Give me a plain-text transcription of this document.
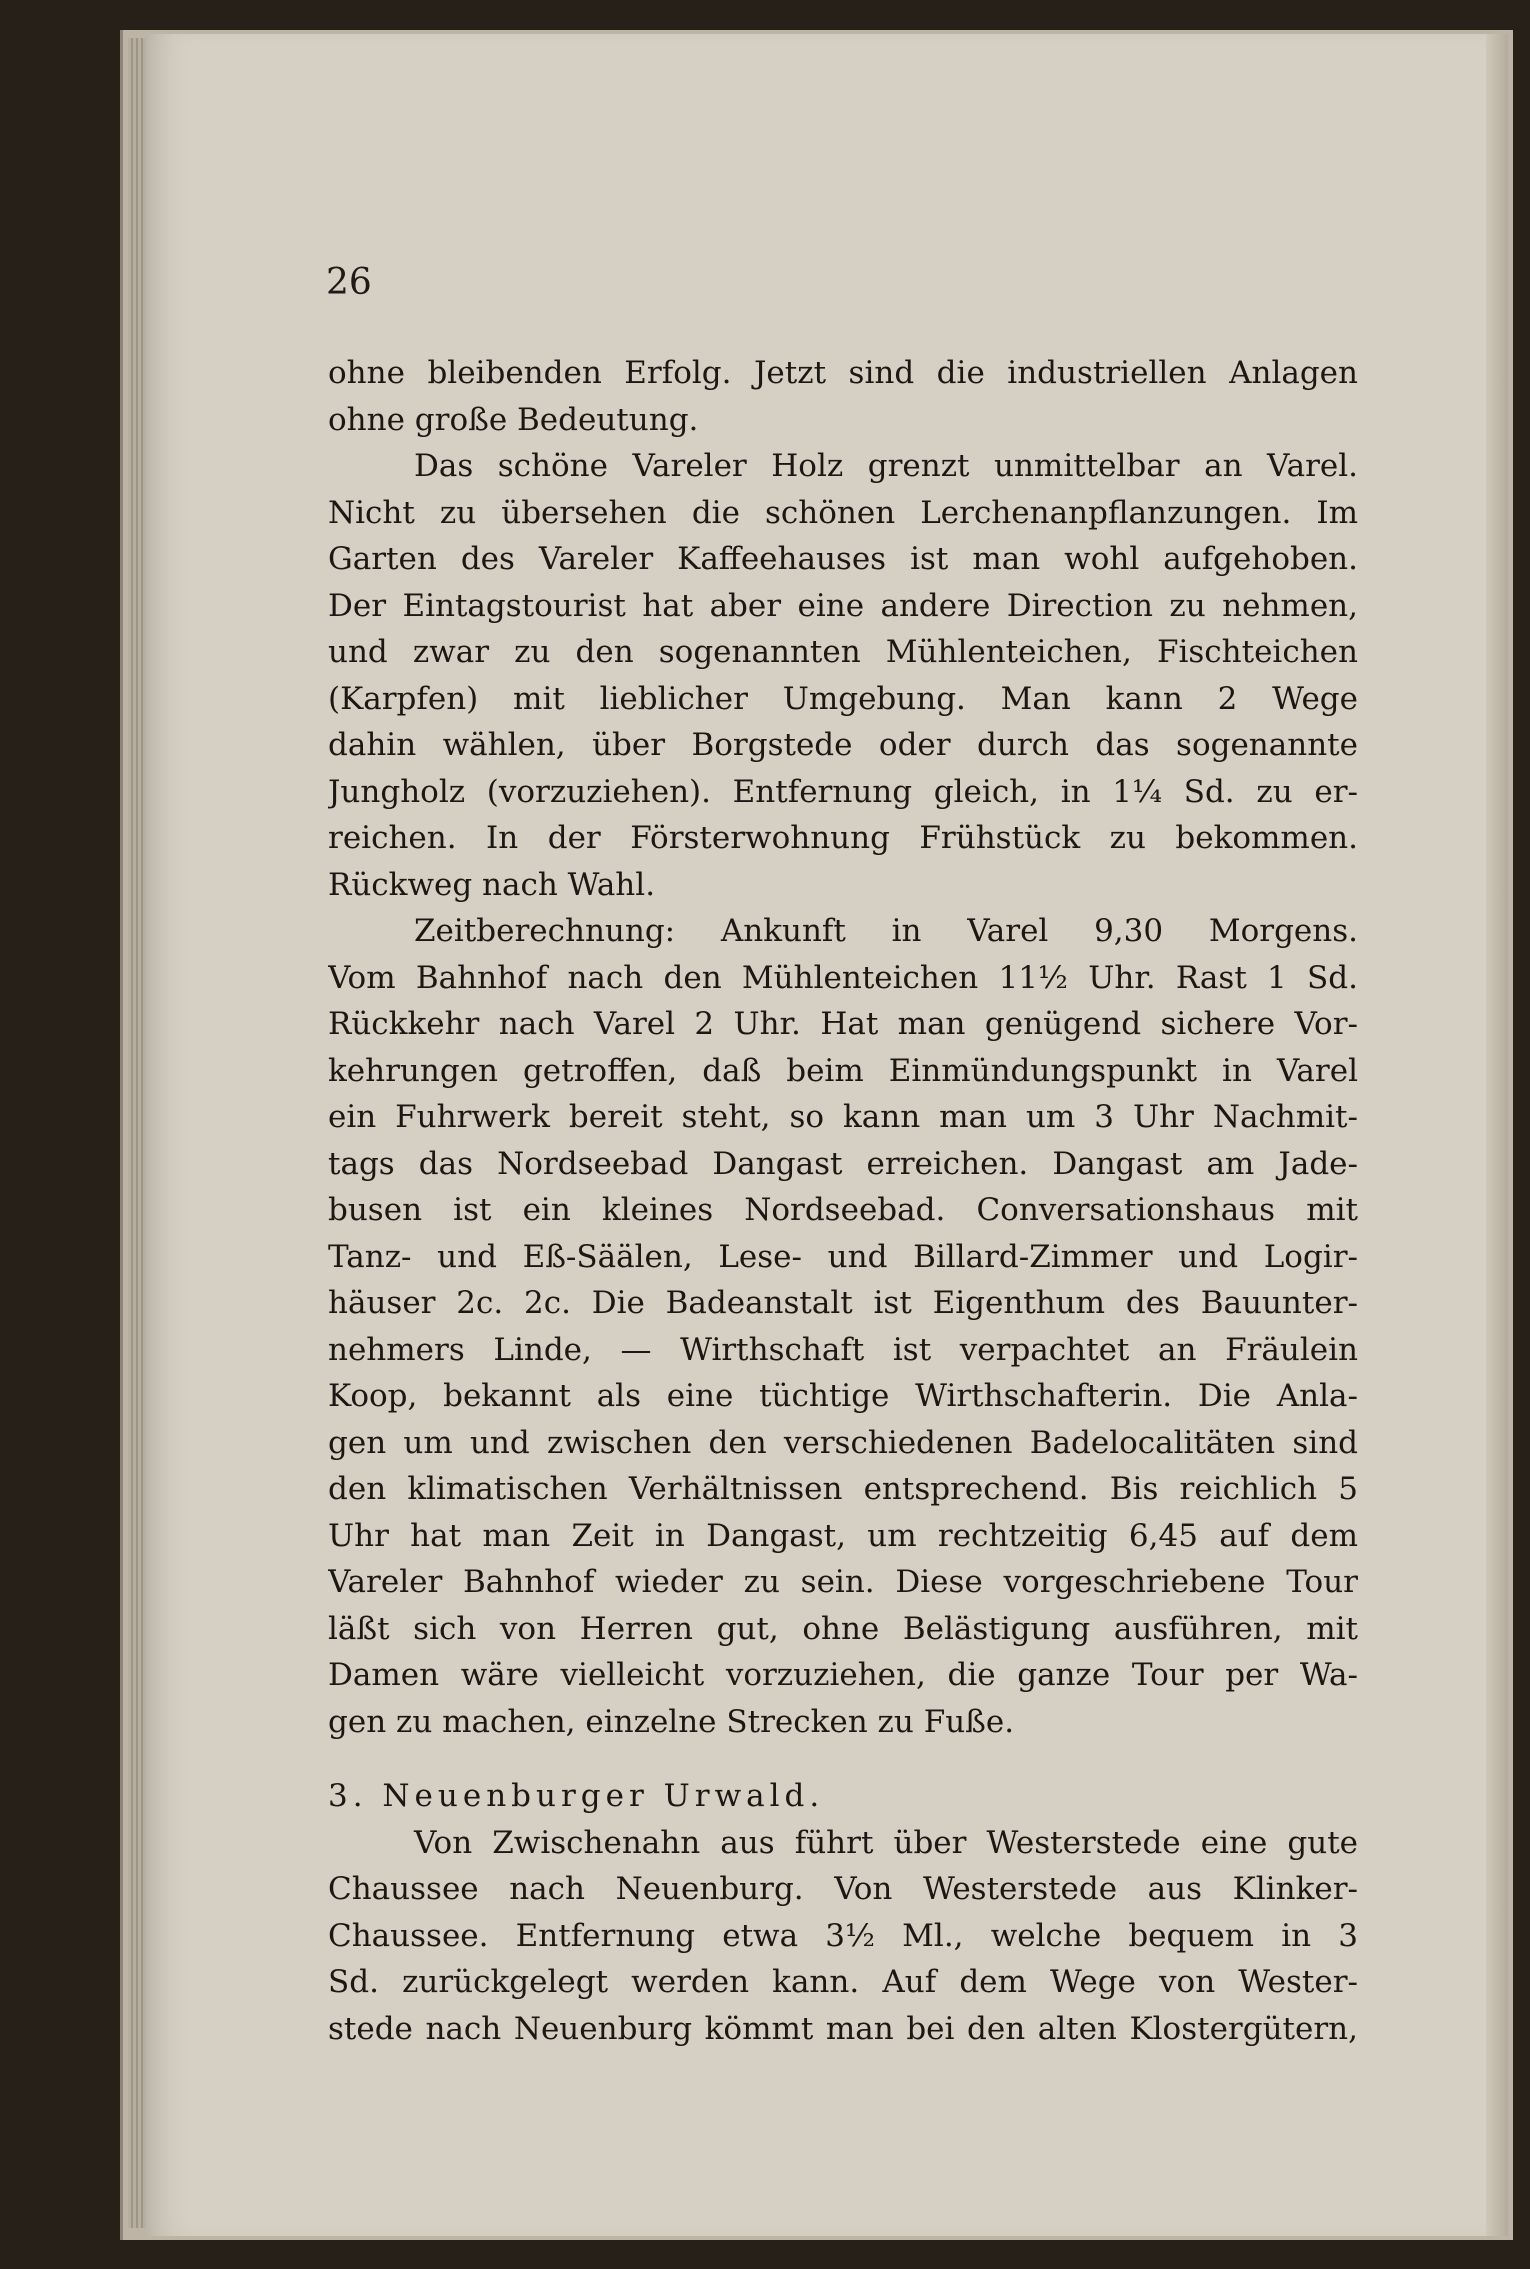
26
ohne bleibenden Erfolg. Jetzt sind die industriellen Anlagen
ohne große Bedeutung.
Das schöne Vareler Holz grenzt unmittelbar an Varel.
Nicht zu übersehen die schönen Lerchenanpflanzungen. Im
Garten des Vareler Kaffeehauses ist man wohl aufgehoben.
Der Eintagstourist hat aber eine andere Direction zu nehmen,
und zwar zu den sogenannten Mühlenteichen, Fischteichen
(Karpfen) mit lieblicher Umgebung. Man kann 2 Wege
dahin wählen, über Borgstede oder durch das sogenannte
Jungholz (vorzuziehen). Entfernung gleich, in 1¼ Sd. zu er-
reichen. In der Försterwohnung Frühstück zu bekommen.
Rückweg nach Wahl.
Zeitberechnung: Ankunft in Varel 9,30 Morgens.
Vom Bahnhof nach den Mühlenteichen 11½ Uhr. Rast 1 Sd.
Rückkehr nach Varel 2 Uhr. Hat man genügend sichere Vor-
kehrungen getroffen, daß beim Einmündungspunkt in Varel
ein Fuhrwerk bereit steht, so kann man um 3 Uhr Nachmit-
tags das Nordseebad Dangast erreichen. Dangast am Jade-
busen ist ein kleines Nordseebad. Conversationshaus mit
Tanz- und Eß-Säälen, Lese- und Billard-Zimmer und Logir-
häuser 2c. 2c. Die Badeanstalt ist Eigenthum des Bauunter-
nehmers Linde, — Wirthschaft ist verpachtet an Fräulein
Koop, bekannt als eine tüchtige Wirthschafterin. Die Anla-
gen um und zwischen den verschiedenen Badelocalitäten sind
den klimatischen Verhältnissen entsprechend. Bis reichlich 5
Uhr hat man Zeit in Dangast, um rechtzeitig 6,45 auf dem
Vareler Bahnhof wieder zu sein. Diese vorgeschriebene Tour
läßt sich von Herren gut, ohne Belästigung ausführen, mit
Damen wäre vielleicht vorzuziehen, die ganze Tour per Wa-
gen zu machen, einzelne Strecken zu Fuße.
3. Neuenburger Urwald.
Von Zwischenahn aus führt über Westerstede eine gute
Chaussee nach Neuenburg. Von Westerstede aus Klinker-
Chaussee. Entfernung etwa 3½ Ml., welche bequem in 3
Sd. zurückgelegt werden kann. Auf dem Wege von Wester-
stede nach Neuenburg kömmt man bei den alten Klostergütern,
